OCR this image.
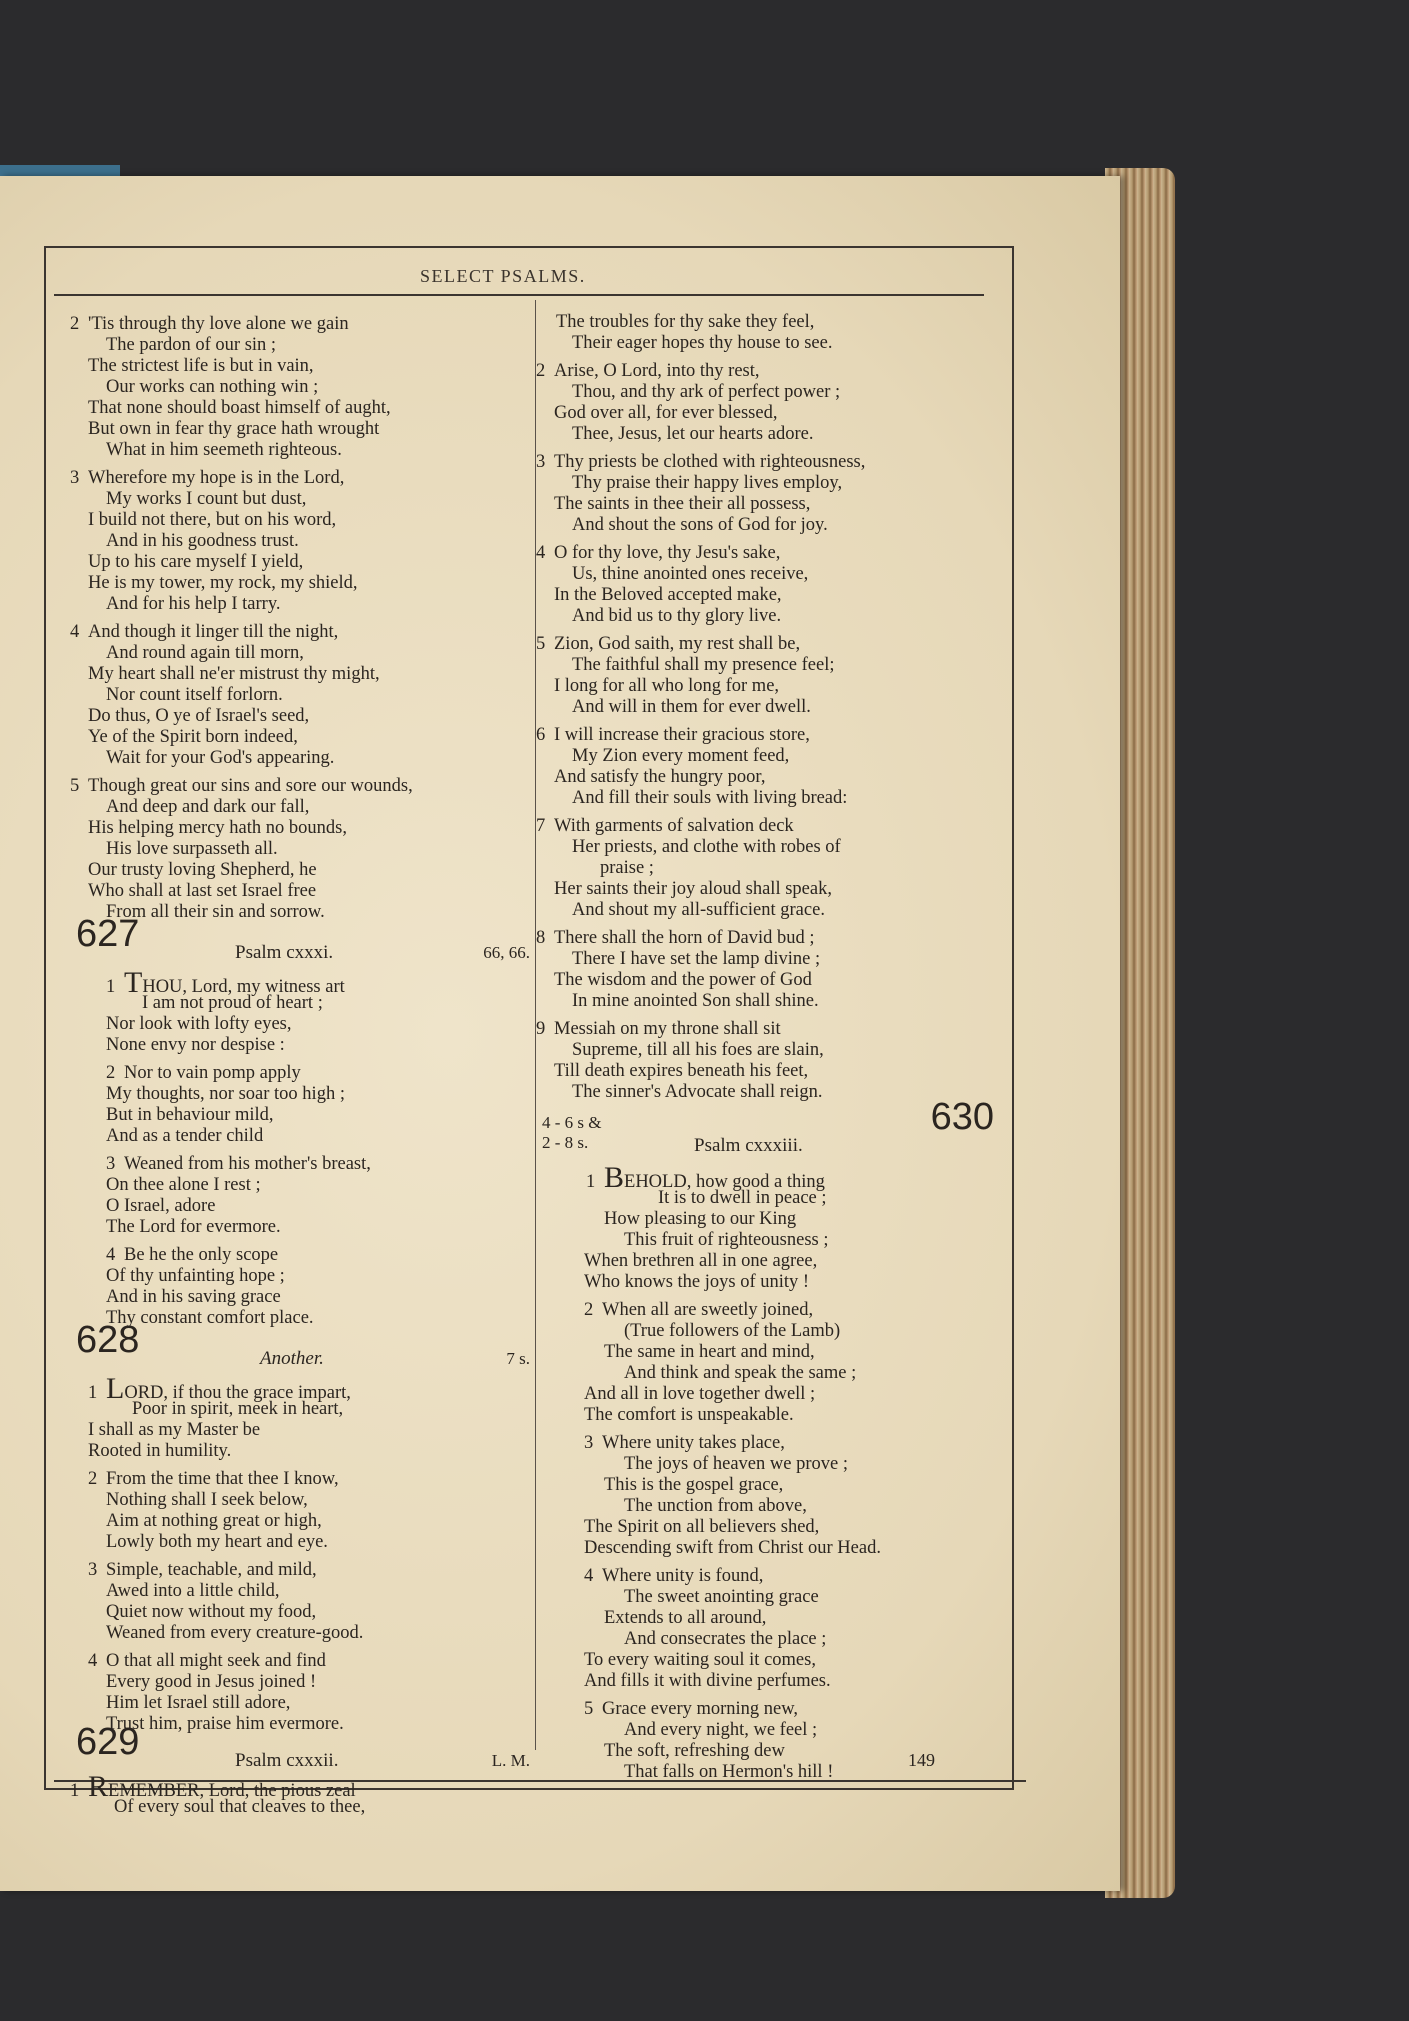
SELECT PSALMS.
2 'Tis through thy love alone we gain
The pardon of our sin ;
The strictest life is but in vain,
Our works can nothing win ;
That none should boast himself of aught,
But own in fear thy grace hath wrought
What in him seemeth righteous.
3 Wherefore my hope is in the Lord,
My works I count but dust,
I build not there, but on his word,
And in his goodness trust.
Up to his care myself I yield,
He is my tower, my rock, my shield,
And for his help I tarry.
4 And though it linger till the night,
And round again till morn,
My heart shall ne'er mistrust thy might,
Nor count itself forlorn.
Do thus, O ye of Israel's seed,
Ye of the Spirit born indeed,
Wait for your God's appearing.
5 Though great our sins and sore our wounds,
And deep and dark our fall,
His helping mercy hath no bounds,
His love surpasseth all.
Our trusty loving Shepherd, he
Who shall at last set Israel free
From all their sin and sorrow.
627	Psalm cxxxi.	66, 66.
1 THOU, Lord, my witness art
I am not proud of heart ;
Nor look with lofty eyes,
None envy nor despise :
2 Nor to vain pomp apply
My thoughts, nor soar too high ;
But in behaviour mild,
And as a tender child
3 Weaned from his mother's breast,
On thee alone I rest ;
O Israel, adore
The Lord for evermore.
4 Be he the only scope
Of thy unfainting hope ;
And in his saving grace
Thy constant comfort place.
628	Another.	7 s.
1 LORD, if thou the grace impart,
Poor in spirit, meek in heart,
I shall as my Master be
Rooted in humility.
2 From the time that thee I know,
Nothing shall I seek below,
Aim at nothing great or high,
Lowly both my heart and eye.
3 Simple, teachable, and mild,
Awed into a little child,
Quiet now without my food,
Weaned from every creature-good.
4 O that all might seek and find
Every good in Jesus joined !
Him let Israel still adore,
Trust him, praise him evermore.
629	Psalm cxxxii.	L. M.
1 REMEMBER, Lord, the pious zeal
Of every soul that cleaves to thee,
The troubles for thy sake they feel,
Their eager hopes thy house to see.
2 Arise, O Lord, into thy rest,
Thou, and thy ark of perfect power ;
God over all, for ever blessed,
Thee, Jesus, let our hearts adore.
3 Thy priests be clothed with righteousness,
Thy praise their happy lives employ,
The saints in thee their all possess,
And shout the sons of God for joy.
4 O for thy love, thy Jesu's sake,
Us, thine anointed ones receive,
In the Beloved accepted make,
And bid us to thy glory live.
5 Zion, God saith, my rest shall be,
The faithful shall my presence feel;
I long for all who long for me,
And will in them for ever dwell.
6 I will increase their gracious store,
My Zion every moment feed,
And satisfy the hungry poor,
And fill their souls with living bread:
7 With garments of salvation deck
Her priests, and clothe with robes of
praise ;
Her saints their joy aloud shall speak,
And shout my all-sufficient grace.
8 There shall the horn of David bud ;
There I have set the lamp divine ;
The wisdom and the power of God
In mine anointed Son shall shine.
9 Messiah on my throne shall sit
Supreme, till all his foes are slain,
Till death expires beneath his feet,
The sinner's Advocate shall reign.
4 - 6 s &
2 - 8 s.	Psalm cxxxiii.
630
1 BEHOLD, how good a thing
It is to dwell in peace ;
How pleasing to our King
This fruit of righteousness ;
When brethren all in one agree,
Who knows the joys of unity !
2 When all are sweetly joined,
(True followers of the Lamb)
The same in heart and mind,
And think and speak the same ;
And all in love together dwell ;
The comfort is unspeakable.
3 Where unity takes place,
The joys of heaven we prove ;
This is the gospel grace,
The unction from above,
The Spirit on all believers shed,
Descending swift from Christ our Head.
4 Where unity is found,
The sweet anointing grace
Extends to all around,
And consecrates the place ;
To every waiting soul it comes,
And fills it with divine perfumes.
5 Grace every morning new,
And every night, we feel ;
The soft, refreshing dew
That falls on Hermon's hill !
149
